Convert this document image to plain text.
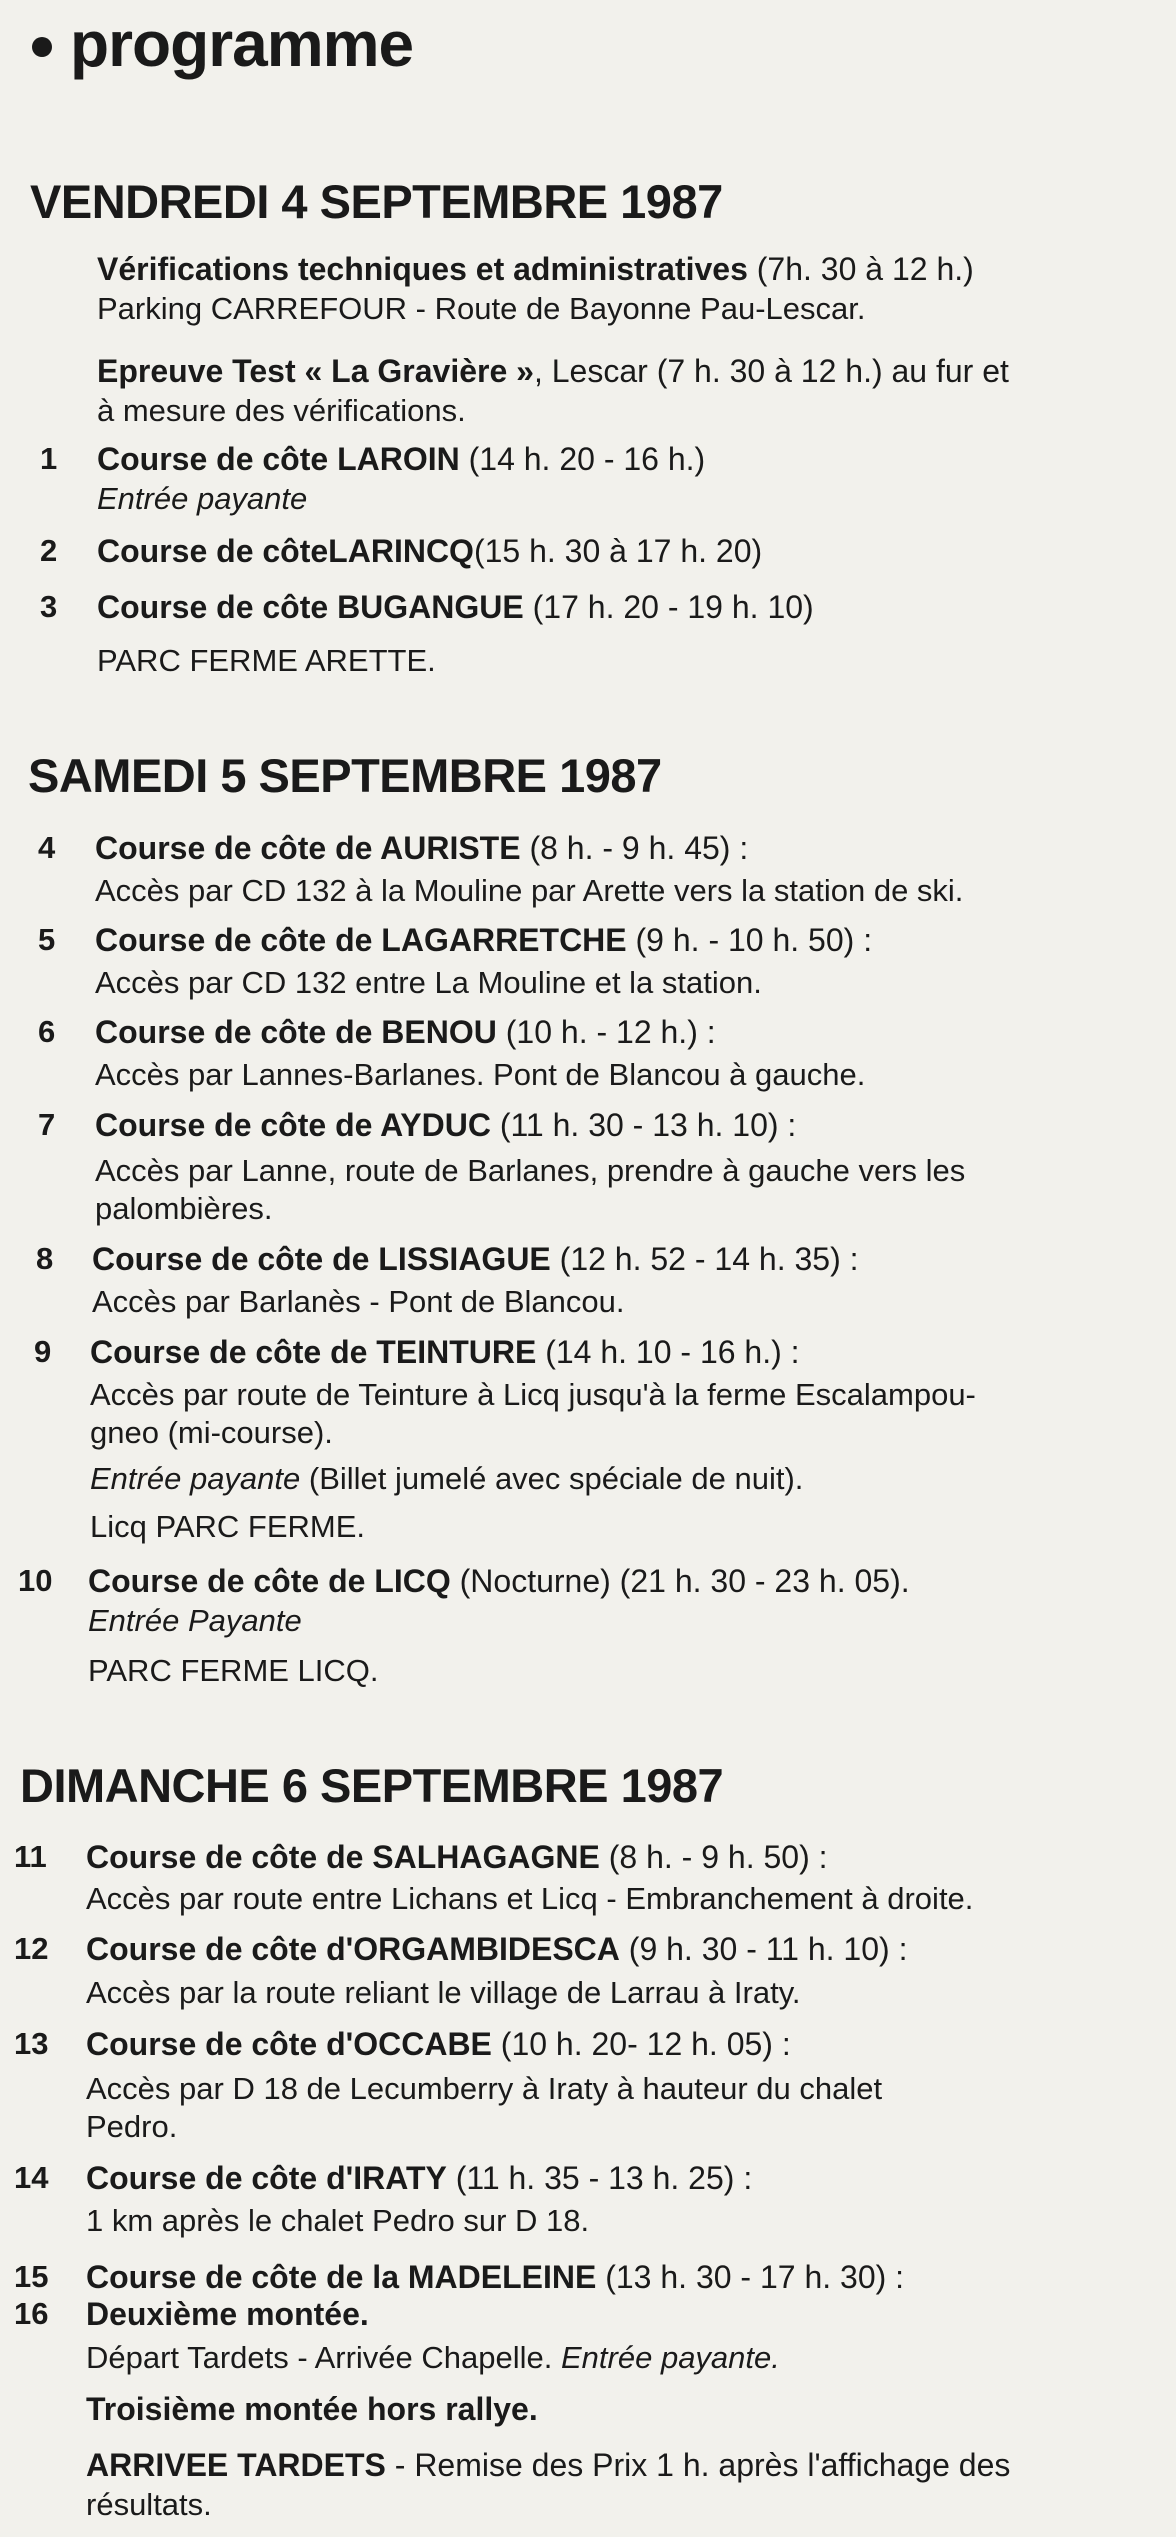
programme
VENDREDI 4 SEPTEMBRE 1987
Vérifications techniques et administratives (7h. 30 à 12 h.)
Parking CARREFOUR - Route de Bayonne Pau-Lescar.
Epreuve Test « La Gravière », Lescar (7 h. 30 à 12 h.) au fur et
à mesure des vérifications.
1 Course de côte LAROIN (14 h. 20 - 16 h.)
Entrée payante
2 Course de côteLARINCQ(15 h. 30 à 17 h. 20)
3 Course de côte BUGANGUE (17 h. 20 - 19 h. 10)
PARC FERME ARETTE.
SAMEDI 5 SEPTEMBRE 1987
4 Course de côte de AURISTE (8 h. - 9 h. 45) :
Accès par CD 132 à la Mouline par Arette vers la station de ski.
5 Course de côte de LAGARRETCHE (9 h. - 10 h. 50) :
Accès par CD 132 entre La Mouline et la station.
6 Course de côte de BENOU (10 h. - 12 h.) :
Accès par Lannes-Barlanes. Pont de Blancou à gauche.
7 Course de côte de AYDUC (11 h. 30 - 13 h. 10) :
Accès par Lanne, route de Barlanes, prendre à gauche vers les
palombières.
8 Course de côte de LISSIAGUE (12 h. 52 - 14 h. 35) :
Accès par Barlanès - Pont de Blancou.
9 Course de côte de TEINTURE (14 h. 10 - 16 h.) :
Accès par route de Teinture à Licq jusqu'à la ferme Escalampou-
gneo (mi-course).
Entrée payante (Billet jumelé avec spéciale de nuit).
Licq PARC FERME.
10 Course de côte de LICQ (Nocturne) (21 h. 30 - 23 h. 05).
Entrée Payante
PARC FERME LICQ.
DIMANCHE 6 SEPTEMBRE 1987
11 Course de côte de SALHAGAGNE (8 h. - 9 h. 50) :
Accès par route entre Lichans et Licq - Embranchement à droite.
12 Course de côte d'ORGAMBIDESCA (9 h. 30 - 11 h. 10) :
Accès par la route reliant le village de Larrau à Iraty.
13 Course de côte d'OCCABE (10 h. 20- 12 h. 05) :
Accès par D 18 de Lecumberry à Iraty à hauteur du chalet
Pedro.
14 Course de côte d'IRATY (11 h. 35 - 13 h. 25) :
1 km après le chalet Pedro sur D 18.
15 Course de côte de la MADELEINE (13 h. 30 - 17 h. 30) :
16 Deuxième montée.
Départ Tardets - Arrivée Chapelle. Entrée payante.
Troisième montée hors rallye.
ARRIVEE TARDETS - Remise des Prix 1 h. après l'affichage des
résultats.
